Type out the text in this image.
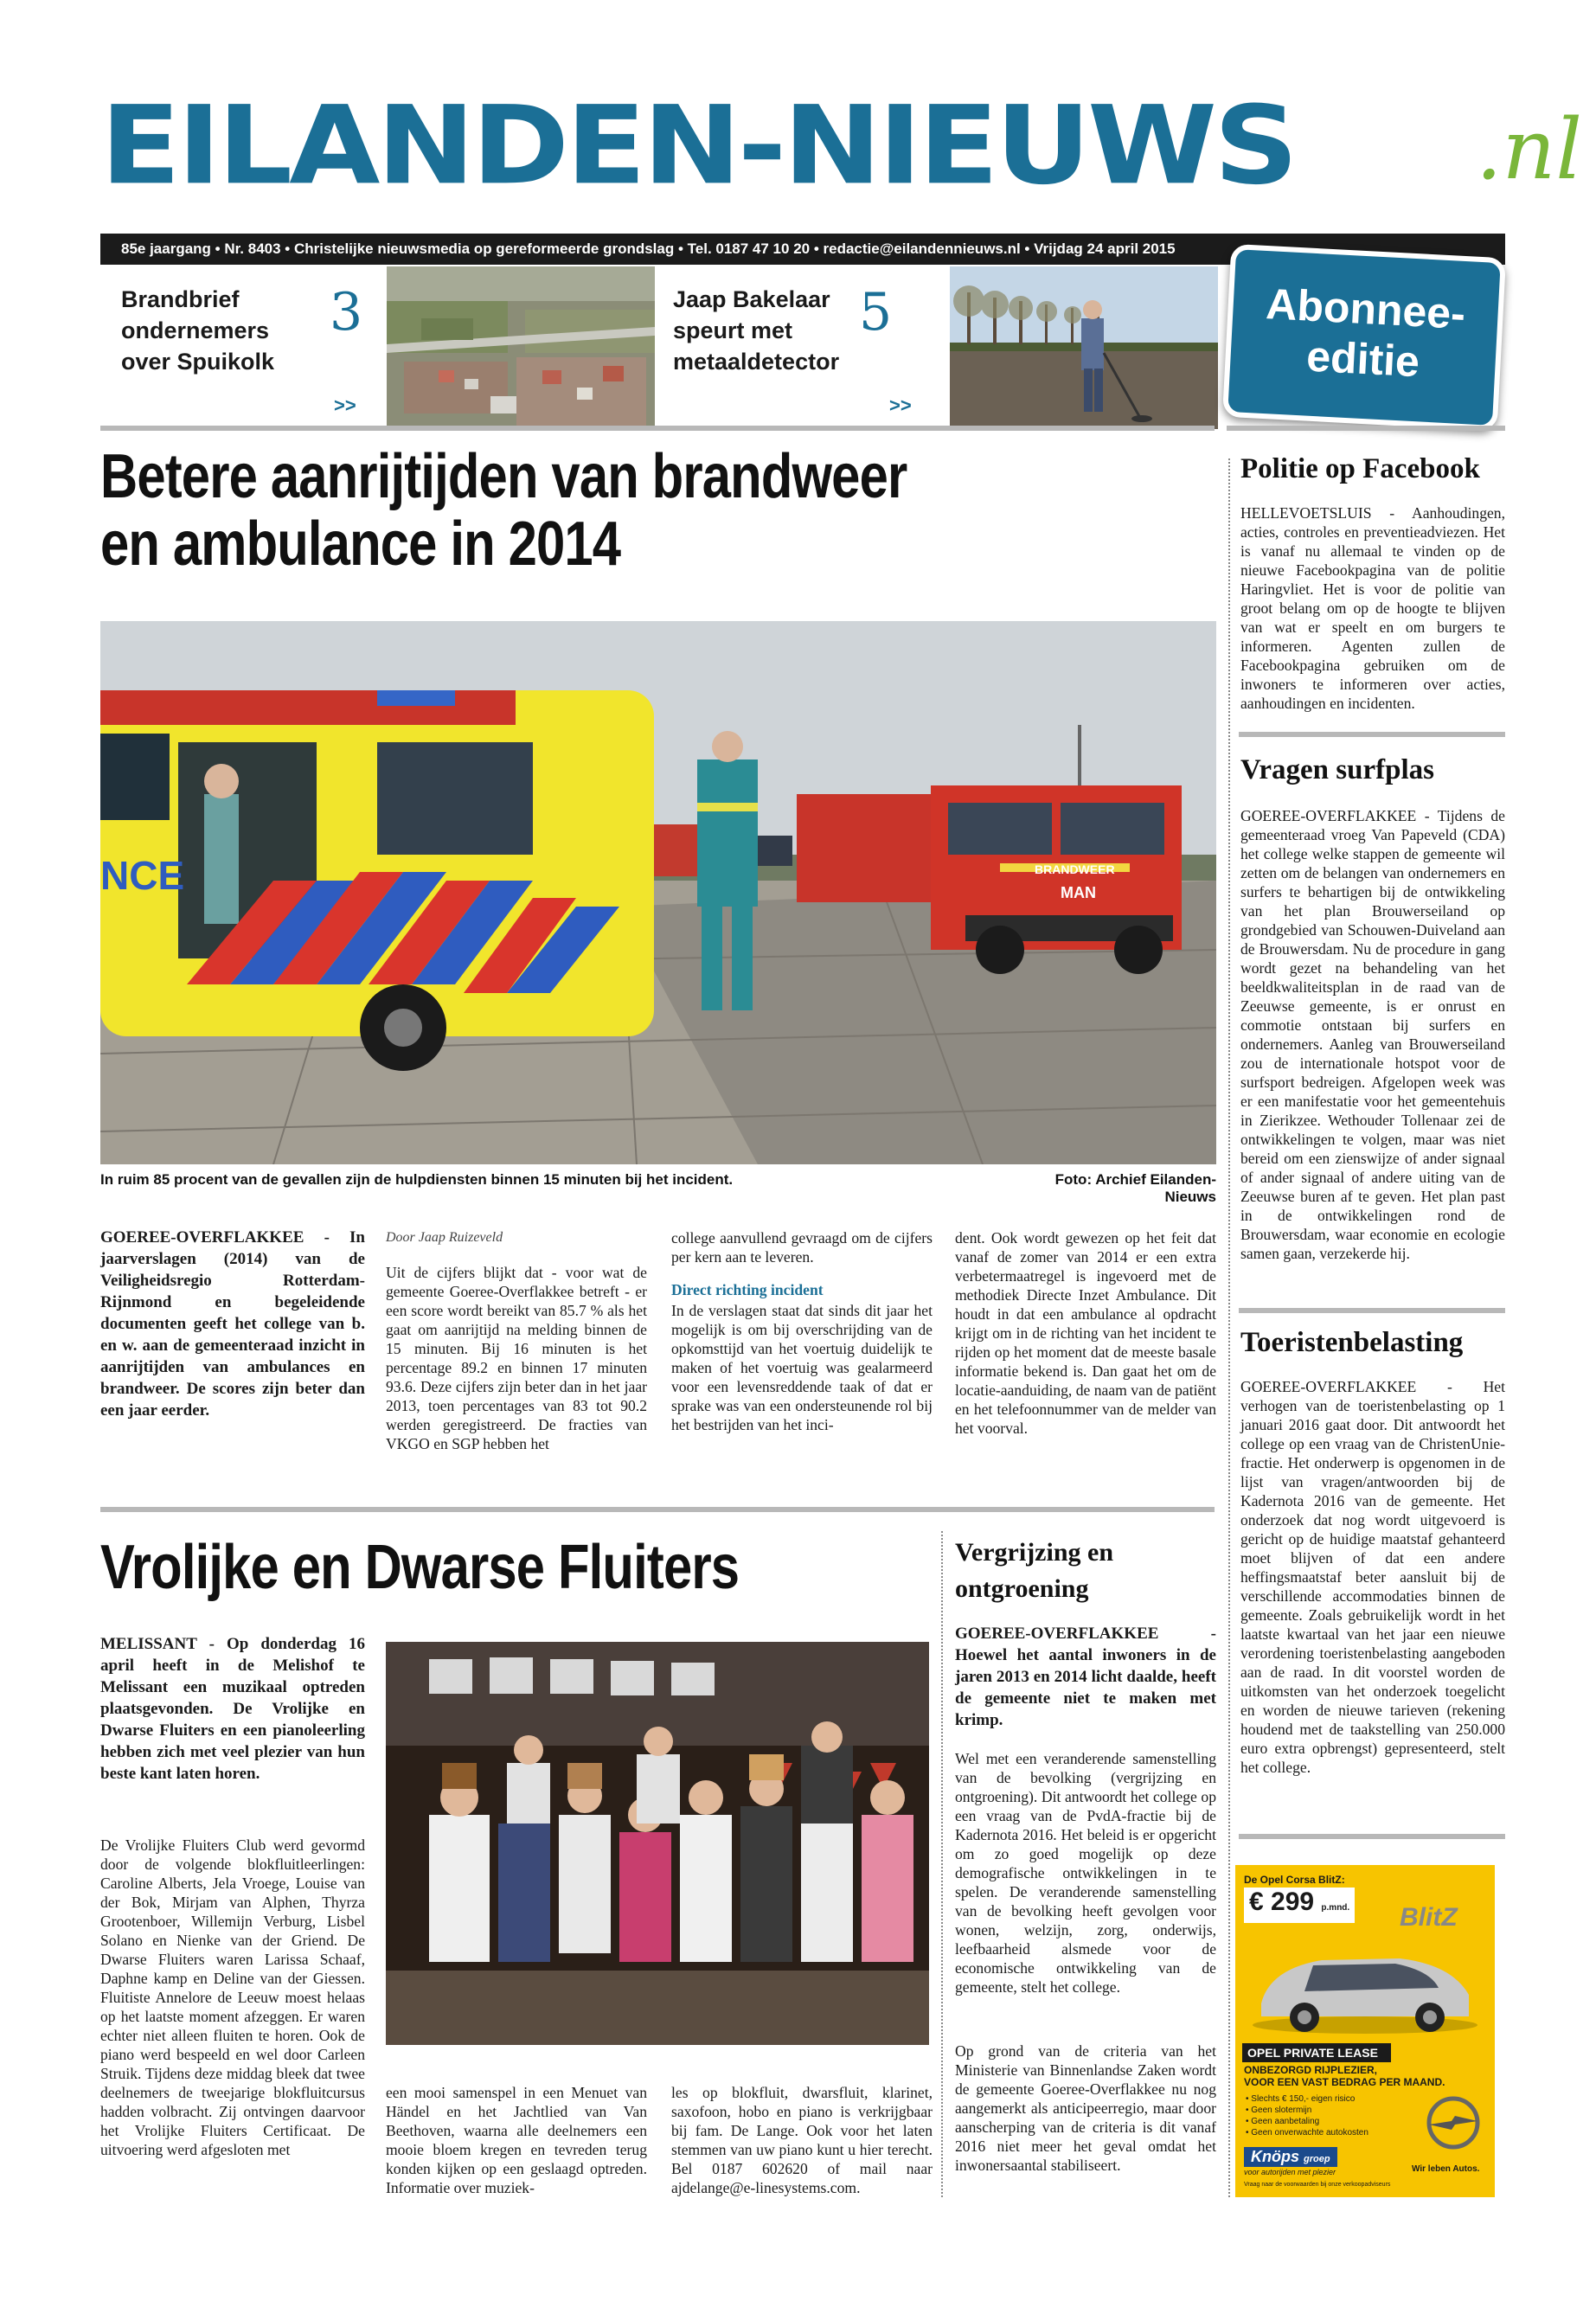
EILANDEN-NIEUWS	.nl
85e jaargang • Nr. 8403 • Christelijke nieuwsmedia op gereformeerde grondslag • Tel. 0187 47 10 20 • redactie@eilandennieuws.nl • Vrijdag 24 april 2015
Brandbrief ondernemers over Spuikolk
3
>>
Jaap Bakelaar speurt met metaaldetector
5
>>
Abonnee-
editie
Betere aanrijtijden van brandweer
en ambulance in 2014
BRANDWEER
MAN
NCE
In ruim 85 procent van de gevallen zijn de hulpdiensten binnen 15 minuten bij het incident.	Foto: Archief Eilanden-Nieuws
GOEREE-OVERFLAKKEE - In jaarverslagen (2014) van de Veiligheidsregio Rotterdam-Rijnmond en begeleidende documenten geeft het college van b. en w. aan de gemeenteraad inzicht in aanrijtijden van ambulances en brandweer. De scores zijn beter dan een jaar eerder.
Door Jaap Ruizeveld
Uit de cijfers blijkt dat - voor wat de gemeente Goeree-Overflakkee betreft - er een score wordt bereikt van 85.7 % als het gaat om aanrijtijd na melding binnen de 15 minuten. Bij 16 minuten is het percentage 89.2 en binnen 17 minuten 93.6. Deze cijfers zijn beter dan in het jaar 2013, toen percentages van 83 tot 90.2 werden geregistreerd. De fracties van VKGO en SGP hebben het
college aanvullend gevraagd om de cijfers per kern aan te leveren.
Direct richting incident
In de verslagen staat dat sinds dit jaar het mogelijk is om bij overschrijding van de opkomsttijd van het voertuig duidelijk te maken of het voertuig was gealarmeerd voor een levensreddende taak of dat er sprake was van een ondersteunende rol bij het bestrijden van het inci-
dent. Ook wordt gewezen op het feit dat vanaf de zomer van 2014 er een extra verbetermaatregel is ingevoerd met de methodiek Directe Inzet Ambulance. Dit houdt in dat een ambulance al opdracht krijgt om in de richting van het incident te rijden op het moment dat de meeste basale informatie bekend is. Dan gaat het om de locatie-aanduiding, de naam van de patiënt en het telefoonnummer van de melder van het voorval.
Vrolijke en Dwarse Fluiters
MELISSANT - Op donderdag 16 april heeft in de Melishof te Melissant een muzikaal optreden plaatsgevonden. De Vrolijke en Dwarse Fluiters en een pianoleerling hebben zich met veel plezier van hun beste kant laten horen.
De Vrolijke Fluiters Club werd gevormd door de volgende blokfluitleerlingen: Caroline Alberts, Jela Vroege, Louise van der Bok, Mirjam van Alphen, Thyrza Grootenboer, Willemijn Verburg, Lisbel Solano en Nienke van der Griend. De Dwarse Fluiters waren Larissa Schaaf, Daphne kamp en Deline van der Giessen. Fluitiste Annelore de Leeuw moest helaas op het laatste moment afzeggen. Er waren echter niet alleen fluiten te horen. Ook de piano werd bespeeld en wel door Carleen Struik. Tijdens deze middag bleek dat twee deelnemers de tweejarige blokfluitcursus hadden volbracht. Zij ontvingen daarvoor het Vrolijke Fluiters Certificaat. De uitvoering werd afgesloten met
een mooi samenspel in een Menuet van Händel en het Jachtlied van Van Beethoven, waarna alle deelnemers een mooie bloem kregen en tevreden terug konden kijken op een geslaagd optreden. Informatie over muziek-
les op blokfluit, dwarsfluit, klarinet, saxofoon, hobo en piano is verkrijgbaar bij fam. De Lange. Ook voor het laten stemmen van uw piano kunt u hier terecht. Bel 0187 602620 of mail naar ajdelange@e-linesystems.com.
Vergrijzing en ontgroening
GOEREE-OVERFLAKKEE - Hoewel het aantal inwoners in de jaren 2013 en 2014 licht daalde, heeft de gemeente niet te maken met krimp.
Wel met een veranderende samenstelling van de bevolking (vergrijzing en ontgroening). Dit antwoordt het college op een vraag van de PvdA-fractie bij de Kadernota 2016. Het beleid is er opgericht om zo goed mogelijk op deze demografische ontwikkelingen in te spelen. De veranderende samenstelling van de bevolking heeft gevolgen voor wonen, welzijn, zorg, onderwijs, leefbaarheid alsmede voor de economische ontwikkeling van de gemeente, stelt het college.
Op grond van de criteria van het Ministerie van Binnenlandse Zaken wordt de gemeente Goeree-Overflakkee nu nog aangemerkt als anticipeerregio, maar door aanscherping van de criteria is dit vanaf 2016 niet meer het geval omdat het inwonersaantal stabiliseert.
Politie op Facebook
HELLEVOETSLUIS - Aanhoudingen, acties, controles en preventieadviezen. Het is vanaf nu allemaal te vinden op de nieuwe Facebookpagina van de politie Haringvliet. Het is voor de politie van groot belang om op de hoogte te blijven van wat er speelt en om burgers te informeren. Agenten zullen de Facebookpagina gebruiken om de inwoners te informeren over acties, aanhoudingen en incidenten.
Vragen surfplas
GOEREE-OVERFLAKKEE - Tijdens de gemeenteraad vroeg Van Papeveld (CDA) het college welke stappen de gemeente wil zetten om de belangen van ondernemers en surfers te behartigen bij de ontwikkeling van het plan Brouwerseiland op grondgebied van Schouwen-Duiveland aan de Brouwersdam. Nu de procedure in gang wordt gezet na behandeling van het beeldkwaliteitsplan in de raad van de Zeeuwse gemeente, is er onrust en commotie ontstaan bij surfers en ondernemers. Aanleg van Brouwerseiland zou de internationale hotspot voor de surfsport bedreigen. Afgelopen week was er een manifestatie voor het gemeentehuis in Zierikzee. Wethouder Tollenaar zei de ontwikkelingen te volgen, maar was niet bereid om een zienswijze of ander signaal of ander signaal of andere uiting van de Zeeuwse buren af te geven. Het plan past in de ontwikkelingen rond de Brouwersdam, waar economie en ecologie samen gaan, verzekerde hij.
Toeristenbelasting
GOEREE-OVERFLAKKEE - Het verhogen van de toeristenbelasting op 1 januari 2016 gaat door. Dit antwoordt het college op een vraag van de ChristenUnie-fractie. Het onderwerp is opgenomen in de lijst van vragen/antwoorden bij de Kadernota 2016 van de gemeente. Het onderzoek dat nog wordt uitgevoerd is gericht op de huidige maatstaf gehanteerd moet blijven of dat een andere heffingsmaatstaf beter aansluit bij de verschillende accommodaties binnen de gemeente. Zoals gebruikelijk wordt in het laatste kwartaal van het jaar een nieuwe verordening toeristenbelasting aangeboden aan de raad. In dit voorstel worden de uitkomsten van het onderzoek toegelicht en worden de nieuwe tarieven (rekening houdend met de taakstelling van 250.000 euro extra opbrengst) gepresenteerd, stelt het college.
De Opel Corsa BlitZ:
€ 299 p.mnd. BlitZ
OPEL PRIVATE LEASE
ONBEZORGD RIJPLEZIER,
VOOR EEN VAST BEDRAG PER MAAND.
• Slechts € 150,- eigen risico
• Geen slotermijn
• Geen aanbetaling
• Geen onverwachte autokosten
Knöps groep
voor autorijden met plezier
Vraag naar de voorwaarden bij onze verkoopadviseurs
Wir leben Autos.
